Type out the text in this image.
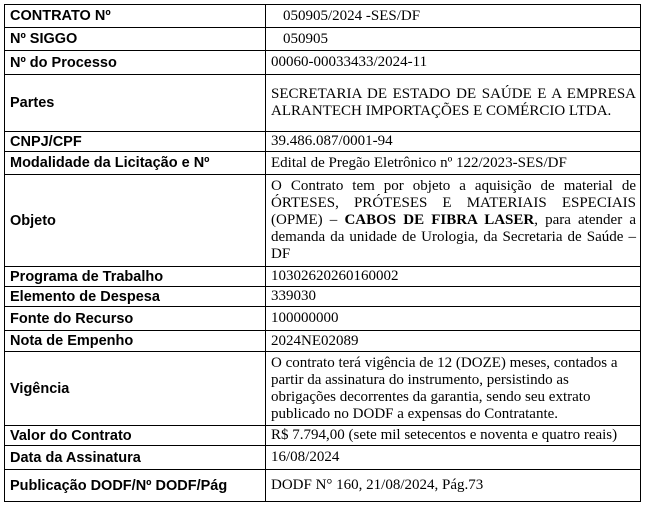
CONTRATO Nº	050905/2024 -SES/DF

Nº SIGGO	050905

Nº do Processo	00060-00033433/2024-11
Partes	SECRETARIA DE ESTADO DE SAÚDE E A EMPRESA ALRANTECH IMPORTAÇÕES E COMÉRCIO LTDA.

CNPJ/CPF	39.486.087/0001-94
Modalidade da Licitação e Nº	Edital de Pregão Eletrônico nº 122/2023-SES/DF
Objeto	O Contrato tem por objeto a aquisição de material de ÓRTESES, PRÓTESES E MATERIAIS ESPECIAIS (OPME) – CABOS DE FIBRA LASER, para atender a demanda da unidade de Urologia, da Secretaria de Saúde – DF

Programa de Trabalho	10302620260160002
Elemento de Despesa	339030
Fonte do Recurso	100000000
Nota de Empenho	2024NE02089
Vigência	O contrato terá vigência de 12 (DOZE) meses, contados a partir da assinatura do instrumento, persistindo as obrigações decorrentes da garantia, sendo seu extrato publicado no DODF a expensas do Contratante.
Valor do Contrato	R$ 7.794,00 (sete mil setecentos e noventa e quatro reais)
Data da Assinatura	16/08/2024
Publicação DODF/Nº DODF/Pág	DODF N° 160, 21/08/2024, Pág.73
